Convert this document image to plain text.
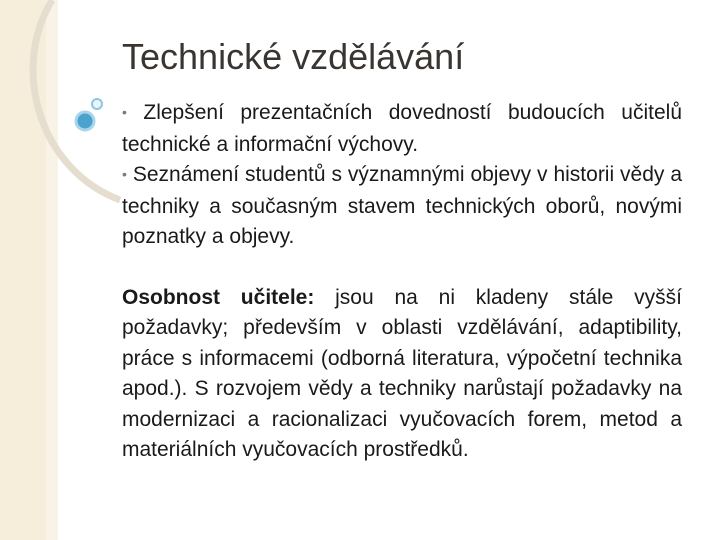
Technické vzdělávání

• Zlepšení prezentačních dovedností budoucích učitelů technické a informační výchovy.

• Seznámení studentů s významnými objevy v historii vědy a techniky a současným stavem technických oborů, novými poznatky a objevy.

Osobnost učitele: jsou na ni kladeny stále vyšší požadavky; především v oblasti vzdělávání, adaptibility, práce s informacemi (odborná literatura, výpočetní technika apod.). S rozvojem vědy a techniky narůstají požadavky na modernizaci a racionalizaci vyučovacích forem, metod a materiálních vyučovacích prostředků.
